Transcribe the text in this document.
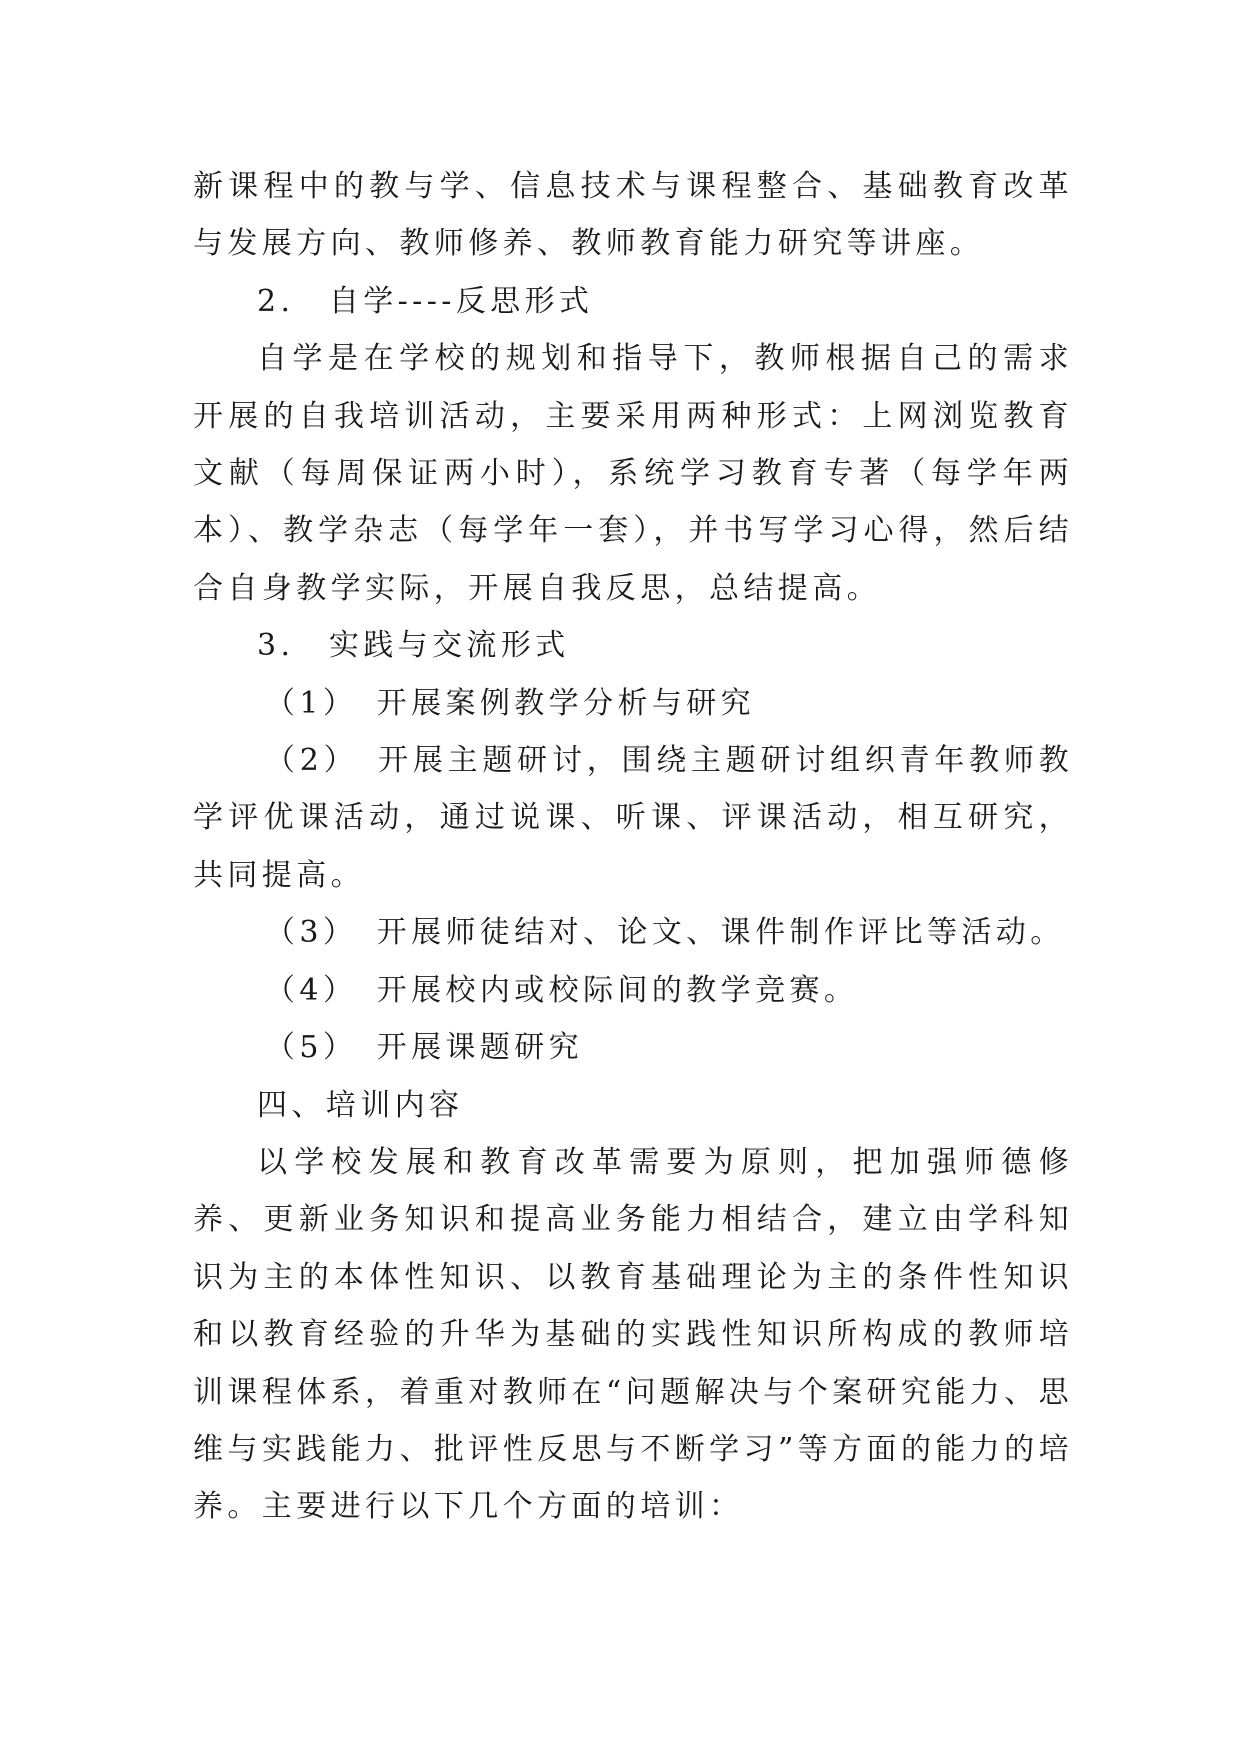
新课程中的教与学、信息技术与课程整合、基础教育改革与发展方向、教师修养、教师教育能力研究等讲座。

2.　自学----反思形式

自学是在学校的规划和指导下，教师根据自己的需求开展的自我培训活动，主要采用两种形式：上网浏览教育文献（每周保证两小时），系统学习教育专著（每学年两本）、教学杂志（每学年一套），并书写学习心得，然后结合自身教学实际，开展自我反思，总结提高。

3.　实践与交流形式

（1）　开展案例教学分析与研究

（2）　开展主题研讨，围绕主题研讨组织青年教师教学评优课活动，通过说课、听课、评课活动，相互研究，共同提高。

（3）　开展师徒结对、论文、课件制作评比等活动。

（4）　开展校内或校际间的教学竞赛。

（5）　开展课题研究

四、培训内容

以学校发展和教育改革需要为原则，把加强师德修养、更新业务知识和提高业务能力相结合，建立由学科知识为主的本体性知识、以教育基础理论为主的条件性知识和以教育经验的升华为基础的实践性知识所构成的教师培训课程体系，着重对教师在“问题解决与个案研究能力、思维与实践能力、批评性反思与不断学习”等方面的能力的培养。主要进行以下几个方面的培训：
